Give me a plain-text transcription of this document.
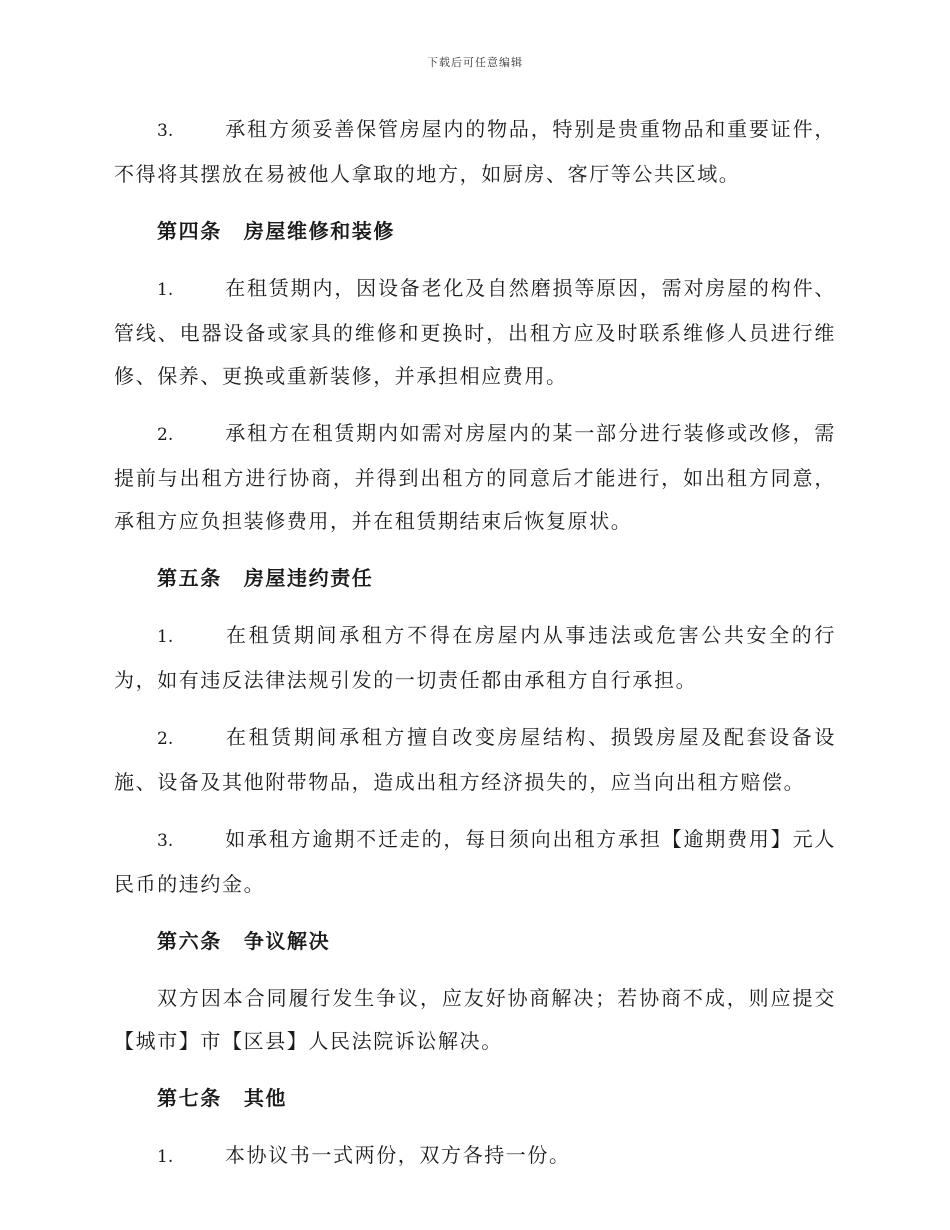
下载后可任意编辑

3.	承租方须妥善保管房屋内的物品，特别是贵重物品和重要证件，不得将其摆放在易被他人拿取的地方，如厨房、客厅等公共区域。

第四条 房屋维修和装修

1.	在租赁期内，因设备老化及自然磨损等原因，需对房屋的构件、管线、电器设备或家具的维修和更换时，出租方应及时联系维修人员进行维修、保养、更换或重新装修，并承担相应费用。

2.	承租方在租赁期内如需对房屋内的某一部分进行装修或改修，需提前与出租方进行协商，并得到出租方的同意后才能进行，如出租方同意，承租方应负担装修费用，并在租赁期结束后恢复原状。

第五条 房屋违约责任

1.	在租赁期间承租方不得在房屋内从事违法或危害公共安全的行为，如有违反法律法规引发的一切责任都由承租方自行承担。

2.	在租赁期间承租方擅自改变房屋结构、损毁房屋及配套设备设施、设备及其他附带物品，造成出租方经济损失的，应当向出租方赔偿。

3.	如承租方逾期不迁走的，每日须向出租方承担【逾期费用】元人民币的违约金。

第六条 争议解决

双方因本合同履行发生争议，应友好协商解决；若协商不成，则应提交【城市】市【区县】人民法院诉讼解决。

第七条 其他

1.	本协议书一式两份，双方各持一份。
